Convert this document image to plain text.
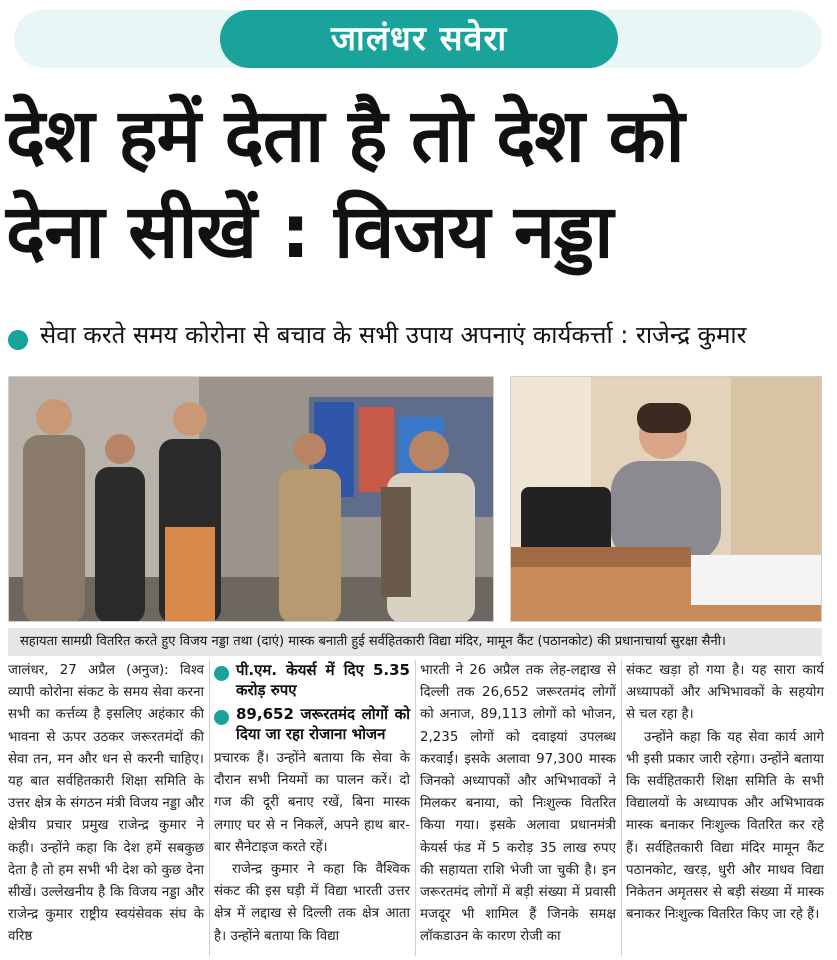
जालंधर सवेरा
देश हमें देता है तो देश को
देना सीखें : विजय नड्डा
सेवा करते समय कोरोना से बचाव के सभी उपाय अपनाएं कार्यकर्त्ता : राजेन्द्र कुमार
सहायता सामग्री वितरित करते हुए विजय नड्डा तथा (दाएं) मास्क बनाती हुई सर्वहितकारी विद्या मंदिर, मामून कैंट (पठानकोट) की प्रधानाचार्या सुरक्षा सैनी।

जालंधर, 27 अप्रैल (अनुज): विश्व व्यापी कोरोना संकट के समय सेवा करना सभी का कर्त्तव्य है इसलिए अहंकार की भावना से ऊपर उठकर जरूरतमंदों की सेवा तन, मन और धन से करनी चाहिए। यह बात सर्वहितकारी शिक्षा समिति के उत्तर क्षेत्र के संगठन मंत्री विजय नड्डा और क्षेत्रीय प्रचार प्रमुख राजेन्द्र कुमार ने कही। उन्होंने कहा कि देश हमें सबकुछ देता है तो हम सभी भी देश को कुछ देना सीखें। उल्लेखनीय है कि विजय नड्डा और राजेन्द्र कुमार राष्ट्रीय स्वयंसेवक संघ के वरिष्ठ

पी.एम. केयर्स में दिए 5.35 करोड़ रुपए
89,652 जरूरतमंद लोगों को दिया जा रहा रोजाना भोजन

प्रचारक हैं। उन्होंने बताया कि सेवा के दौरान सभी नियमों का पालन करें। दो गज की दूरी बनाए रखें, बिना मास्क लगाए घर से न निकलें, अपने हाथ बार-बार सैनेटाइज करते रहें।

राजेन्द्र कुमार ने कहा कि वैश्विक संकट की इस घड़ी में विद्या भारती उत्तर क्षेत्र में लद्दाख से दिल्ली तक क्षेत्र आता है। उन्होंने बताया कि विद्या

भारती ने 26 अप्रैल तक लेह-लद्दाख से दिल्ली तक 26,652 जरूरतमंद लोगों को अनाज, 89,113 लोगों को भोजन, 2,235 लोगों को दवाइयां उपलब्ध करवाईं। इसके अलावा 97,300 मास्क जिनको अध्यापकों और अभिभावकों ने मिलकर बनाया, को निःशुल्क वितरित किया गया। इसके अलावा प्रधानमंत्री केयर्स फंड में 5 करोड़ 35 लाख रुपए की सहायता राशि भेजी जा चुकी है। इन जरूरतमंद लोगों में बड़ी संख्या में प्रवासी मजदूर भी शामिल हैं जिनके समक्ष लॉकडाउन के कारण रोजी का

संकट खड़ा हो गया है। यह सारा कार्य अध्यापकों और अभिभावकों के सहयोग से चल रहा है।

उन्होंने कहा कि यह सेवा कार्य आगे भी इसी प्रकार जारी रहेगा। उन्होंने बताया कि सर्वहितकारी शिक्षा समिति के सभी विद्यालयों के अध्यापक और अभिभावक मास्क बनाकर निःशुल्क वितरित कर रहे हैं। सर्वहितकारी विद्या मंदिर मामून कैंट पठानकोट, खरड़, धुरी और माधव विद्या निकेतन अमृतसर से बड़ी संख्या में मास्क बनाकर निःशुल्क वितरित किए जा रहे हैं।
